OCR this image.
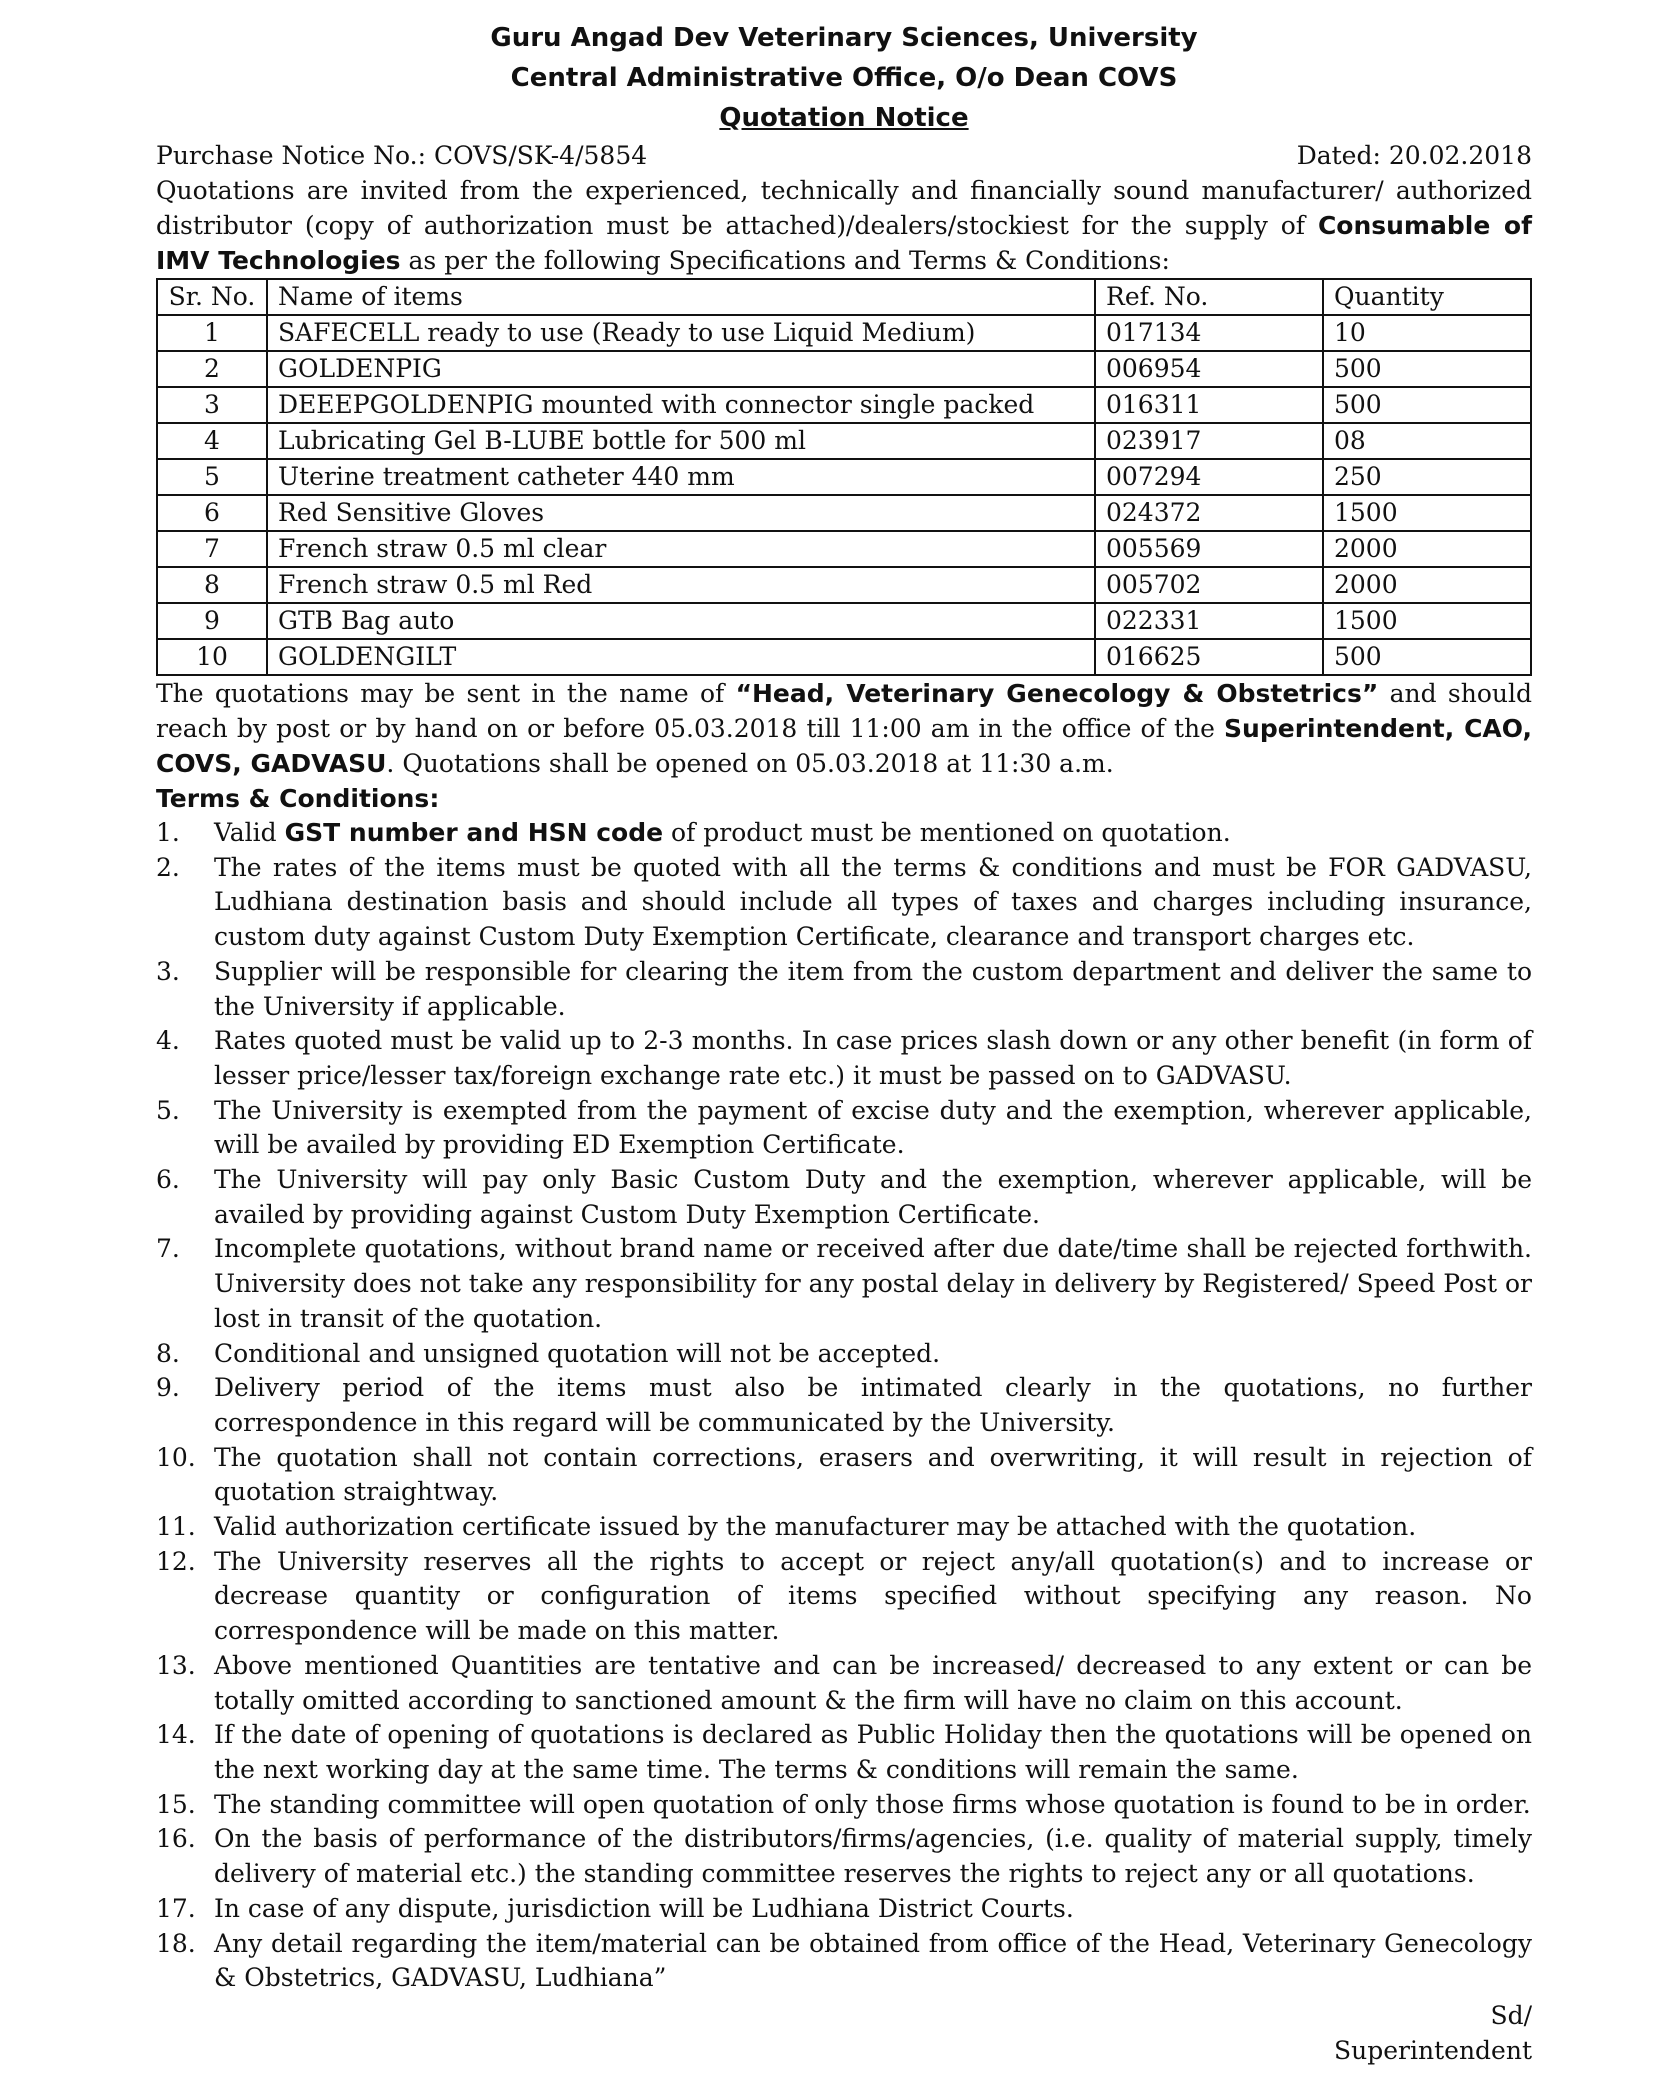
Guru Angad Dev Veterinary Sciences, University
Central Administrative Office, O/o Dean COVS
Quotation Notice
Purchase Notice No.: COVS/SK-4/5854	Dated: 20.02.2018
Quotations are invited from the experienced, technically and financially sound manufacturer/ authorized distributor (copy of authorization must be attached)/dealers/stockiest for the supply of Consumable of IMV Technologies as per the following Specifications and Terms & Conditions:
Sr. No.	Name of items	Ref. No.	Quantity
1	SAFECELL ready to use (Ready to use Liquid Medium)	017134	10
2	GOLDENPIG	006954	500
3	DEEEPGOLDENPIG mounted with connector single packed	016311	500
4	Lubricating Gel B-LUBE bottle for 500 ml	023917	08
5	Uterine treatment catheter 440 mm	007294	250
6	Red Sensitive Gloves	024372	1500
7	French straw 0.5 ml clear	005569	2000
8	French straw 0.5 ml Red	005702	2000
9	GTB Bag auto	022331	1500
10	GOLDENGILT	016625	500
The quotations may be sent in the name of “Head, Veterinary Genecology & Obstetrics” and should reach by post or by hand on or before 05.03.2018 till 11:00 am in the office of the Superintendent, CAO, COVS, GADVASU. Quotations shall be opened on 05.03.2018 at 11:30 a.m.
Terms & Conditions:
1.	Valid GST number and HSN code of product must be mentioned on quotation.
2.	The rates of the items must be quoted with all the terms & conditions and must be FOR GADVASU, Ludhiana destination basis and should include all types of taxes and charges including insurance, custom duty against Custom Duty Exemption Certificate, clearance and transport charges etc.
3.	Supplier will be responsible for clearing the item from the custom department and deliver the same to the University if applicable.
4.	Rates quoted must be valid up to 2-3 months. In case prices slash down or any other benefit (in form of lesser price/lesser tax/foreign exchange rate etc.) it must be passed on to GADVASU.
5.	The University is exempted from the payment of excise duty and the exemption, wherever applicable, will be availed by providing ED Exemption Certificate.
6.	The University will pay only Basic Custom Duty and the exemption, wherever applicable, will be availed by providing against Custom Duty Exemption Certificate.
7.	Incomplete quotations, without brand name or received after due date/time shall be rejected forthwith. University does not take any responsibility for any postal delay in delivery by Registered/ Speed Post or lost in transit of the quotation.
8.	Conditional and unsigned quotation will not be accepted.
9.	Delivery period of the items must also be intimated clearly in the quotations, no further correspondence in this regard will be communicated by the University.
10. The quotation shall not contain corrections, erasers and overwriting, it will result in rejection of quotation straightway.
11. Valid authorization certificate issued by the manufacturer may be attached with the quotation.
12. The University reserves all the rights to accept or reject any/all quotation(s) and to increase or decrease quantity or configuration of items specified without specifying any reason. No correspondence will be made on this matter.
13. Above mentioned Quantities are tentative and can be increased/ decreased to any extent or can be totally omitted according to sanctioned amount & the firm will have no claim on this account.
14. If the date of opening of quotations is declared as Public Holiday then the quotations will be opened on the next working day at the same time. The terms & conditions will remain the same.
15. The standing committee will open quotation of only those firms whose quotation is found to be in order.
16. On the basis of performance of the distributors/firms/agencies, (i.e. quality of material supply, timely delivery of material etc.) the standing committee reserves the rights to reject any or all quotations.
17. In case of any dispute, jurisdiction will be Ludhiana District Courts.
18. Any detail regarding the item/material can be obtained from office of the Head, Veterinary Genecology & Obstetrics, GADVASU, Ludhiana”
Sd/
Superintendent
